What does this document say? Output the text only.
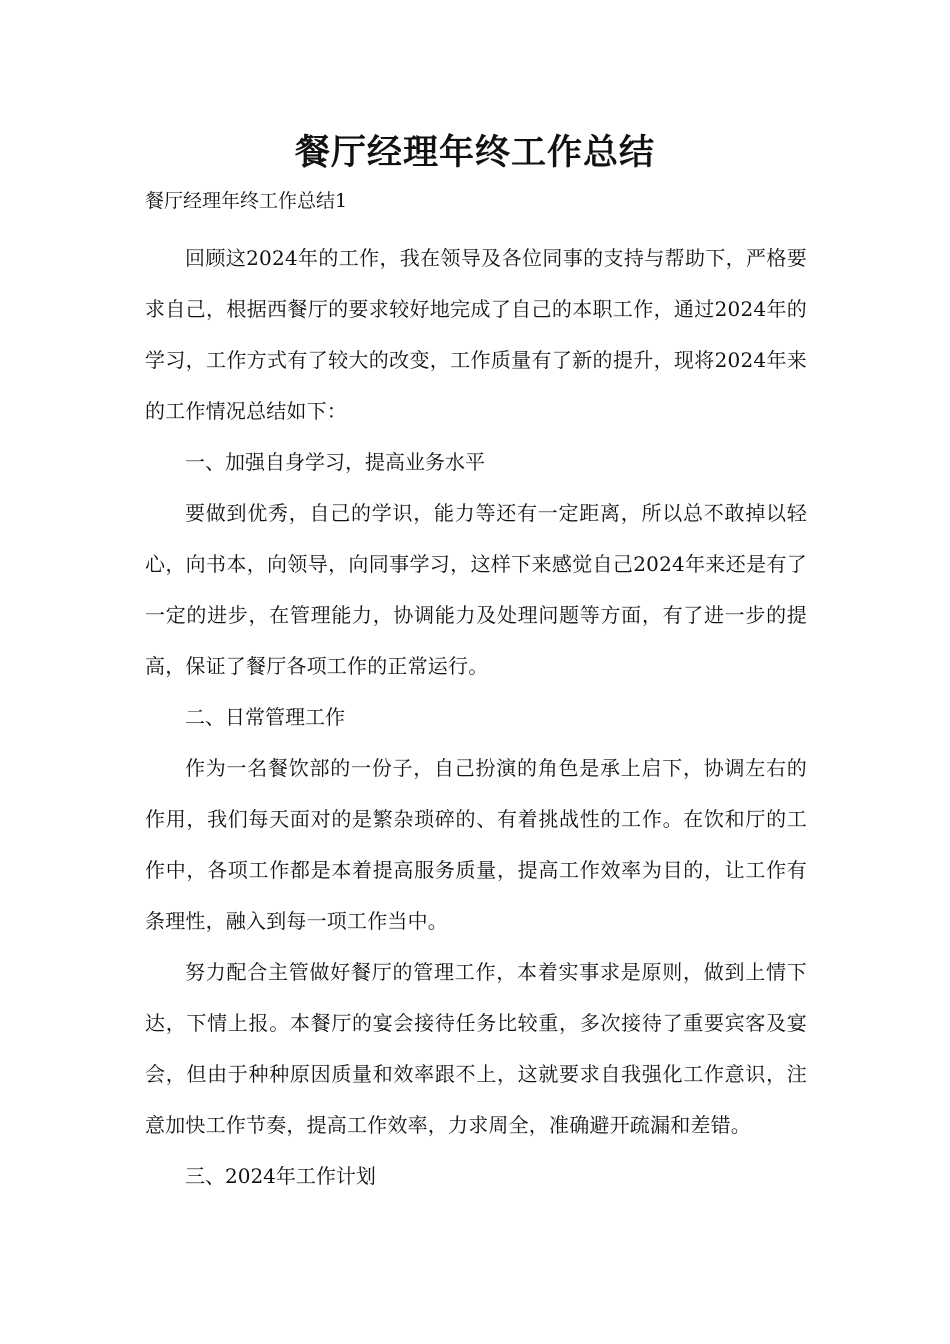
餐厅经理年终工作总结

餐厅经理年终工作总结1

回顾这2024年的工作，我在领导及各位同事的支持与帮助下，严格要求自己，根据西餐厅的要求较好地完成了自己的本职工作，通过2024年的学习，工作方式有了较大的改变，工作质量有了新的提升，现将2024年来的工作情况总结如下：

一、加强自身学习，提高业务水平

要做到优秀，自己的学识，能力等还有一定距离，所以总不敢掉以轻心，向书本，向领导，向同事学习，这样下来感觉自己2024年来还是有了一定的进步，在管理能力，协调能力及处理问题等方面，有了进一步的提高，保证了餐厅各项工作的正常运行。

二、日常管理工作

作为一名餐饮部的一份子，自己扮演的角色是承上启下，协调左右的作用，我们每天面对的是繁杂琐碎的、有着挑战性的工作。在饮和厅的工作中，各项工作都是本着提高服务质量，提高工作效率为目的，让工作有条理性，融入到每一项工作当中。

努力配合主管做好餐厅的管理工作，本着实事求是原则，做到上情下达，下情上报。本餐厅的宴会接待任务比较重，多次接待了重要宾客及宴会，但由于种种原因质量和效率跟不上，这就要求自我强化工作意识，注意加快工作节奏，提高工作效率，力求周全，准确避开疏漏和差错。

三、2024年工作计划
